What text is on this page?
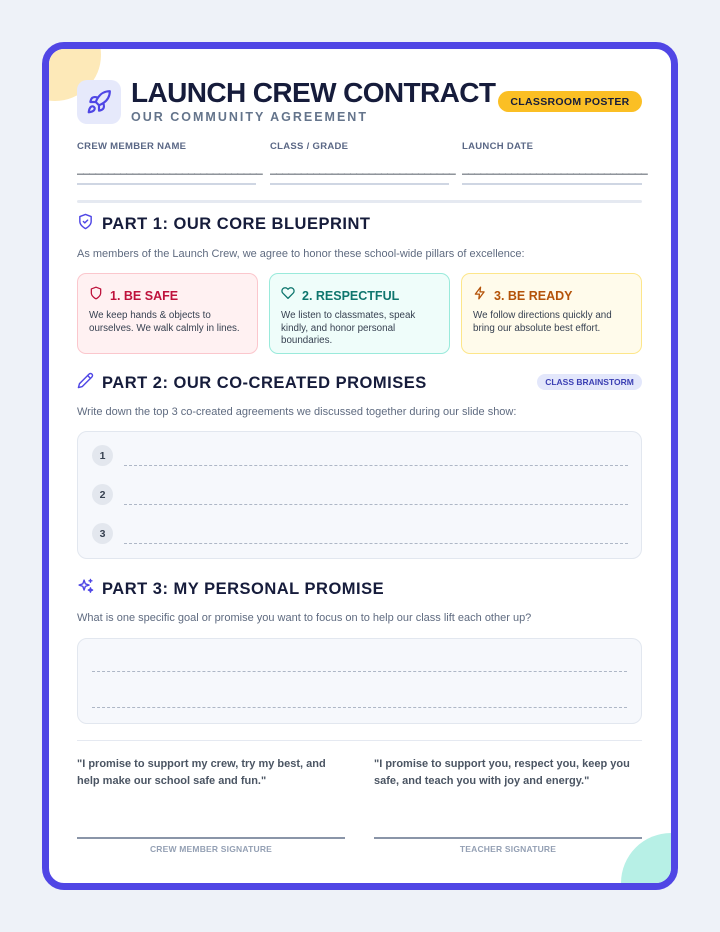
LAUNCH CREW CONTRACT
OUR COMMUNITY AGREEMENT
CLASSROOM POSTER
CREW MEMBER NAME
______________________________
CLASS / GRADE
______________________________
LAUNCH DATE
______________________________
PART 1: OUR CORE BLUEPRINT
As members of the Launch Crew, we agree to honor these school-wide pillars of excellence:
1. BE SAFE
We keep hands & objects to ourselves. We walk calmly in lines.
2. RESPECTFUL
We listen to classmates, speak kindly, and honor personal boundaries.
3. BE READY
We follow directions quickly and bring our absolute best effort.
PART 2: OUR CO-CREATED PROMISES	CLASS BRAINSTORM
Write down the top 3 co-created agreements we discussed together during our slide show:
1
2
3
PART 3: MY PERSONAL PROMISE
What is one specific goal or promise you want to focus on to help our class lift each other up?
"I promise to support my crew, try my best, and help make our school safe and fun."
"I promise to support you, respect you, keep you safe, and teach you with joy and energy."
CREW MEMBER SIGNATURE	TEACHER SIGNATURE
